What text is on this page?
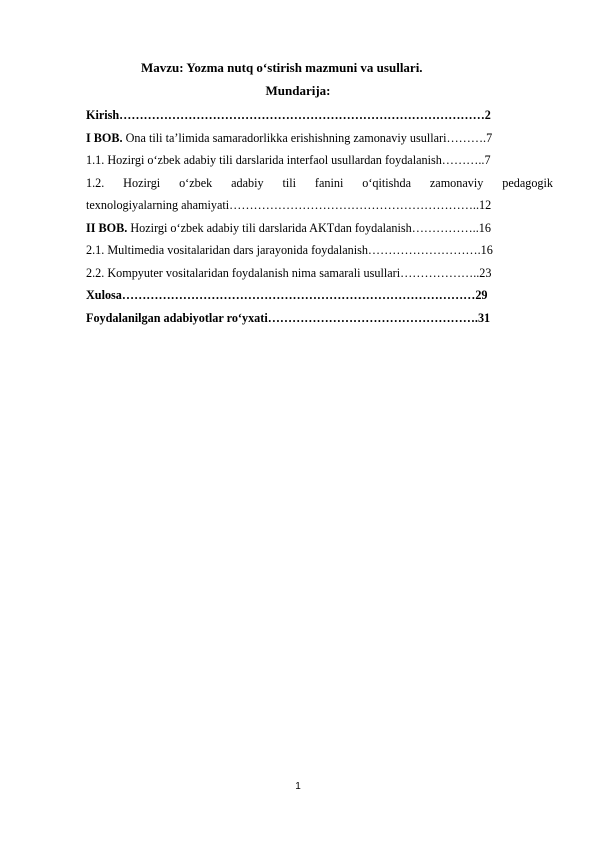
Mavzu: Yozma nutq o‘stirish mazmuni va usullari.
Mundarija:
Kirish………………………………………………………………………………2
I BOB. Ona tili ta’limida samaradorlikka erishishning zamonaviy usullari……….7
1.1. Hozirgi o‘zbek adabiy tili darslarida interfaol usullardan foydalanish………..7
1.2. Hozirgi o‘zbek adabiy tili fanini o‘qitishda zamonaviy pedagogik
texnologiyalarning ahamiyati……………………………………………………..12
II BOB. Hozirgi o‘zbek adabiy tili darslarida AKTdan foydalanish……………..16
2.1. Multimedia vositalaridan dars jarayonida foydalanish……………………….16
2.2. Kompyuter vositalaridan foydalanish nima samarali usullari………………..23
Xulosa……………………………………………………………………………29
Foydalanilgan adabiyotlar ro‘yxati…………………………………………….31
1
